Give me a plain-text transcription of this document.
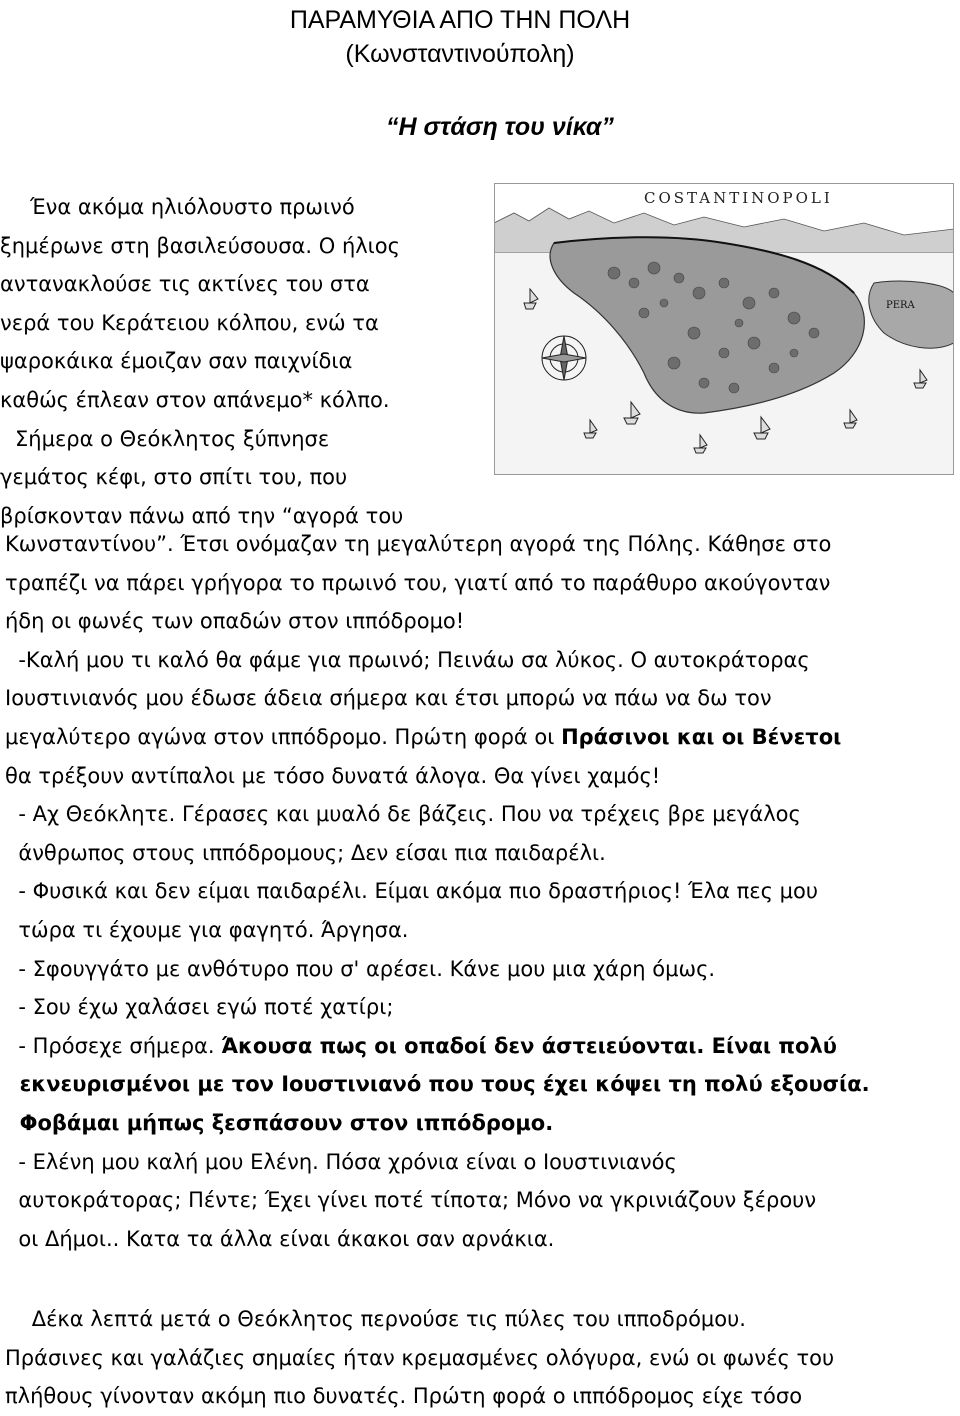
ΠΑΡΑΜΥΘΙΑ ΑΠΟ ΤΗΝ ΠΟΛΗ
(Κωνσταντινούπολη)
“Η στάση του νίκα”
COSTANTINOPOLI
PERA

Ένα ακόμα ηλιόλουστο πρωινό

ξημέρωνε στη βασιλεύσουσα. Ο ήλιος

αντανακλούσε τις ακτίνες του στα

νερά του Κεράτειου κόλπου, ενώ τα

ψαροκάικα έμοιζαν σαν παιχνίδια

καθώς έπλεαν στον απάνεμο* κόλπο.

Σήμερα ο Θεόκλητος ξύπνησε

γεμάτος κέφι, στο σπίτι του, που

βρίσκονταν πάνω από την “αγορά του

Κωνσταντίνου”. Έτσι ονόμαζαν τη μεγαλύτερη αγορά της Πόλης. Κάθησε στο

τραπέζι να πάρει γρήγορα το πρωινό του, γιατί από το παράθυρο ακούγονταν

ήδη οι φωνές των οπαδών στον ιππόδρομο!

-Καλή μου τι καλό θα φάμε για πρωινό; Πεινάω σα λύκος. Ο αυτοκράτορας

Ιουστινιανός μου έδωσε άδεια σήμερα και έτσι μπορώ να πάω να δω τον

μεγαλύτερο αγώνα στον ιππόδρομο. Πρώτη φορά οι Πράσινοι και οι Βένετοι

θα τρέξουν αντίπαλοι με τόσο δυνατά άλογα. Θα γίνει χαμός!

- Αχ Θεόκλητε. Γέρασες και μυαλό δε βάζεις. Που να τρέχεις βρε μεγάλος

άνθρωπος στους ιππόδρομους; Δεν είσαι πια παιδαρέλι.

- Φυσικά και δεν είμαι παιδαρέλι. Είμαι ακόμα πιο δραστήριος! Έλα πες μου

τώρα τι έχουμε για φαγητό. Άργησα.

- Σφουγγάτο με ανθότυρο που σ' αρέσει. Κάνε μου μια χάρη όμως.

- Σου έχω χαλάσει εγώ ποτέ χατίρι;

- Πρόσεχε σήμερα. Άκουσα πως οι οπαδοί δεν άστειεύονται. Είναι πολύ

εκνευρισμένοι με τον Ιουστινιανό που τους έχει κόψει τη πολύ εξουσία.

Φοβάμαι μήπως ξεσπάσουν στον ιππόδρομο.

- Ελένη μου καλή μου Ελένη. Πόσα χρόνια είναι ο Ιουστινιανός

αυτοκράτορας; Πέντε; Έχει γίνει ποτέ τίποτα; Μόνο να γκρινιάζουν ξέρουν

οι Δήμοι.. Κατα τα άλλα είναι άκακοι σαν αρνάκια.

Δέκα λεπτά μετά ο Θεόκλητος περνούσε τις πύλες του ιπποδρόμου.

Πράσινες και γαλάζιες σημαίες ήταν κρεμασμένες ολόγυρα, ενώ οι φωνές του

πλήθους γίνονταν ακόμη πιο δυνατές. Πρώτη φορά ο ιππόδρομος είχε τόσο
